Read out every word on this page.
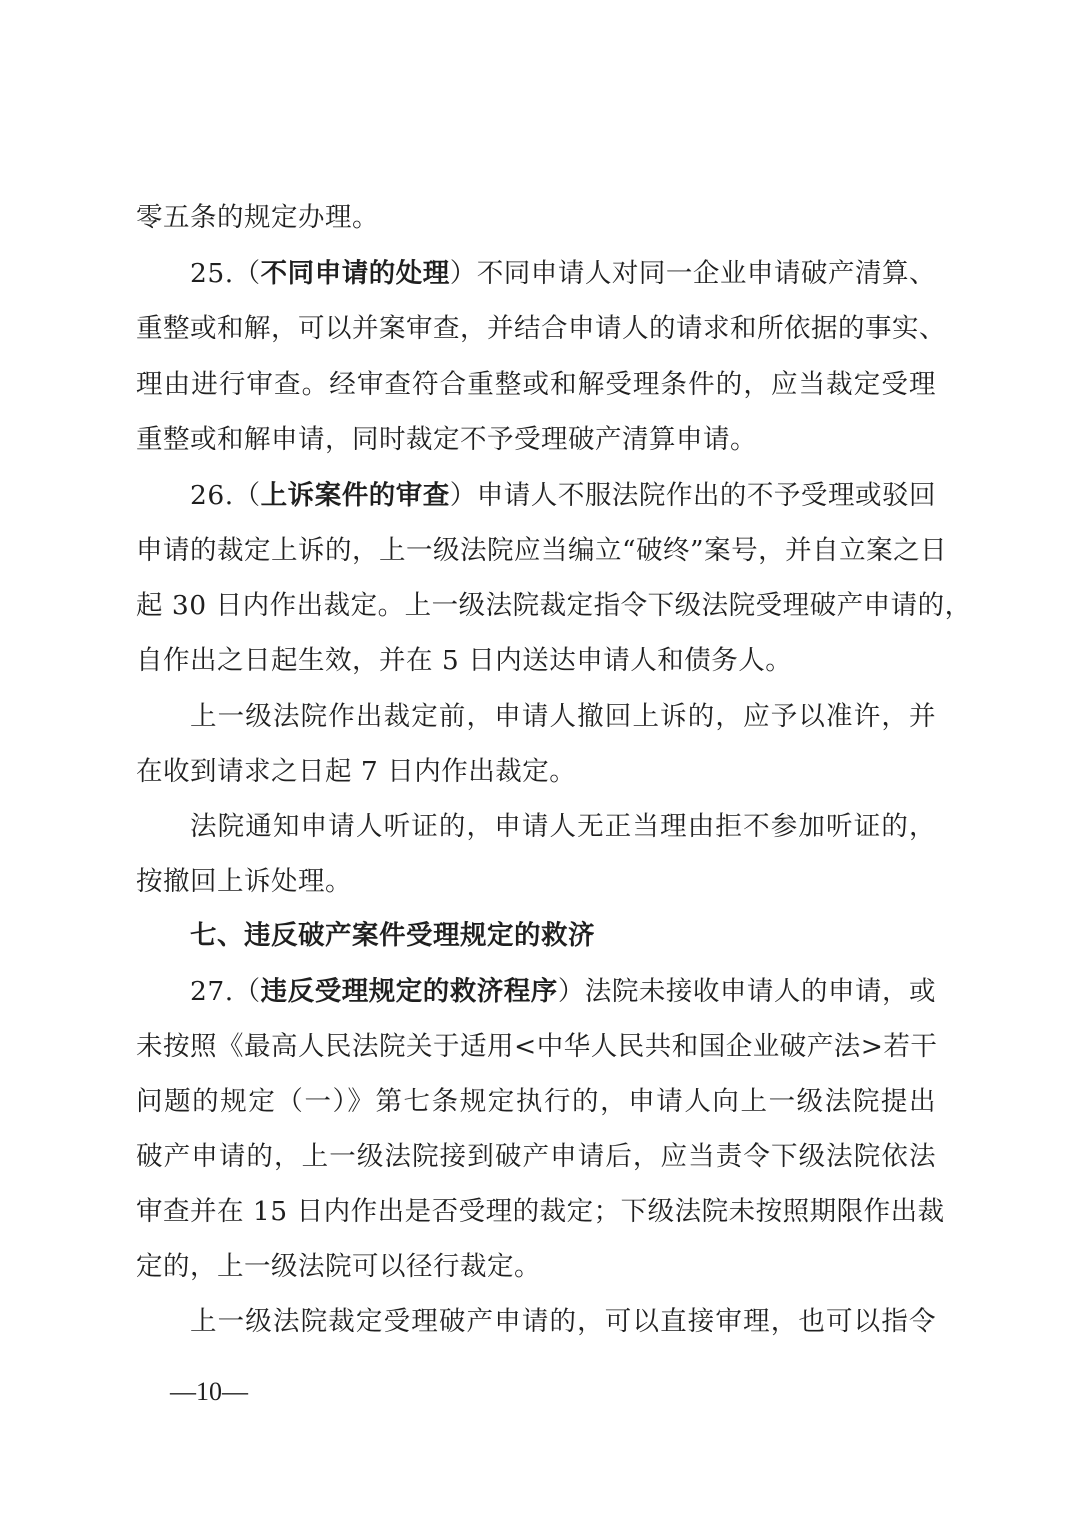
零五条的规定办理。
25.（不同申请的处理）不同申请人对同一企业申请破产清算、
重整或和解，可以并案审查，并结合申请人的请求和所依据的事实、
理由进行审查。经审查符合重整或和解受理条件的，应当裁定受理
重整或和解申请，同时裁定不予受理破产清算申请。
26.（上诉案件的审查）申请人不服法院作出的不予受理或驳回
申请的裁定上诉的，上一级法院应当编立“破终”案号，并自立案之日
起 30 日内作出裁定。上一级法院裁定指令下级法院受理破产申请的，
自作出之日起生效，并在 5 日内送达申请人和债务人。
上一级法院作出裁定前，申请人撤回上诉的，应予以准许，并
在收到请求之日起 7 日内作出裁定。
法院通知申请人听证的，申请人无正当理由拒不参加听证的，
按撤回上诉处理。
七、违反破产案件受理规定的救济
27.（违反受理规定的救济程序）法院未接收申请人的申请，或
未按照《最高人民法院关于适用<中华人民共和国企业破产法>若干
问题的规定（一）》第七条规定执行的，申请人向上一级法院提出
破产申请的，上一级法院接到破产申请后，应当责令下级法院依法
审查并在 15 日内作出是否受理的裁定；下级法院未按照期限作出裁
定的，上一级法院可以径行裁定。
上一级法院裁定受理破产申请的，可以直接审理，也可以指令
—10—
